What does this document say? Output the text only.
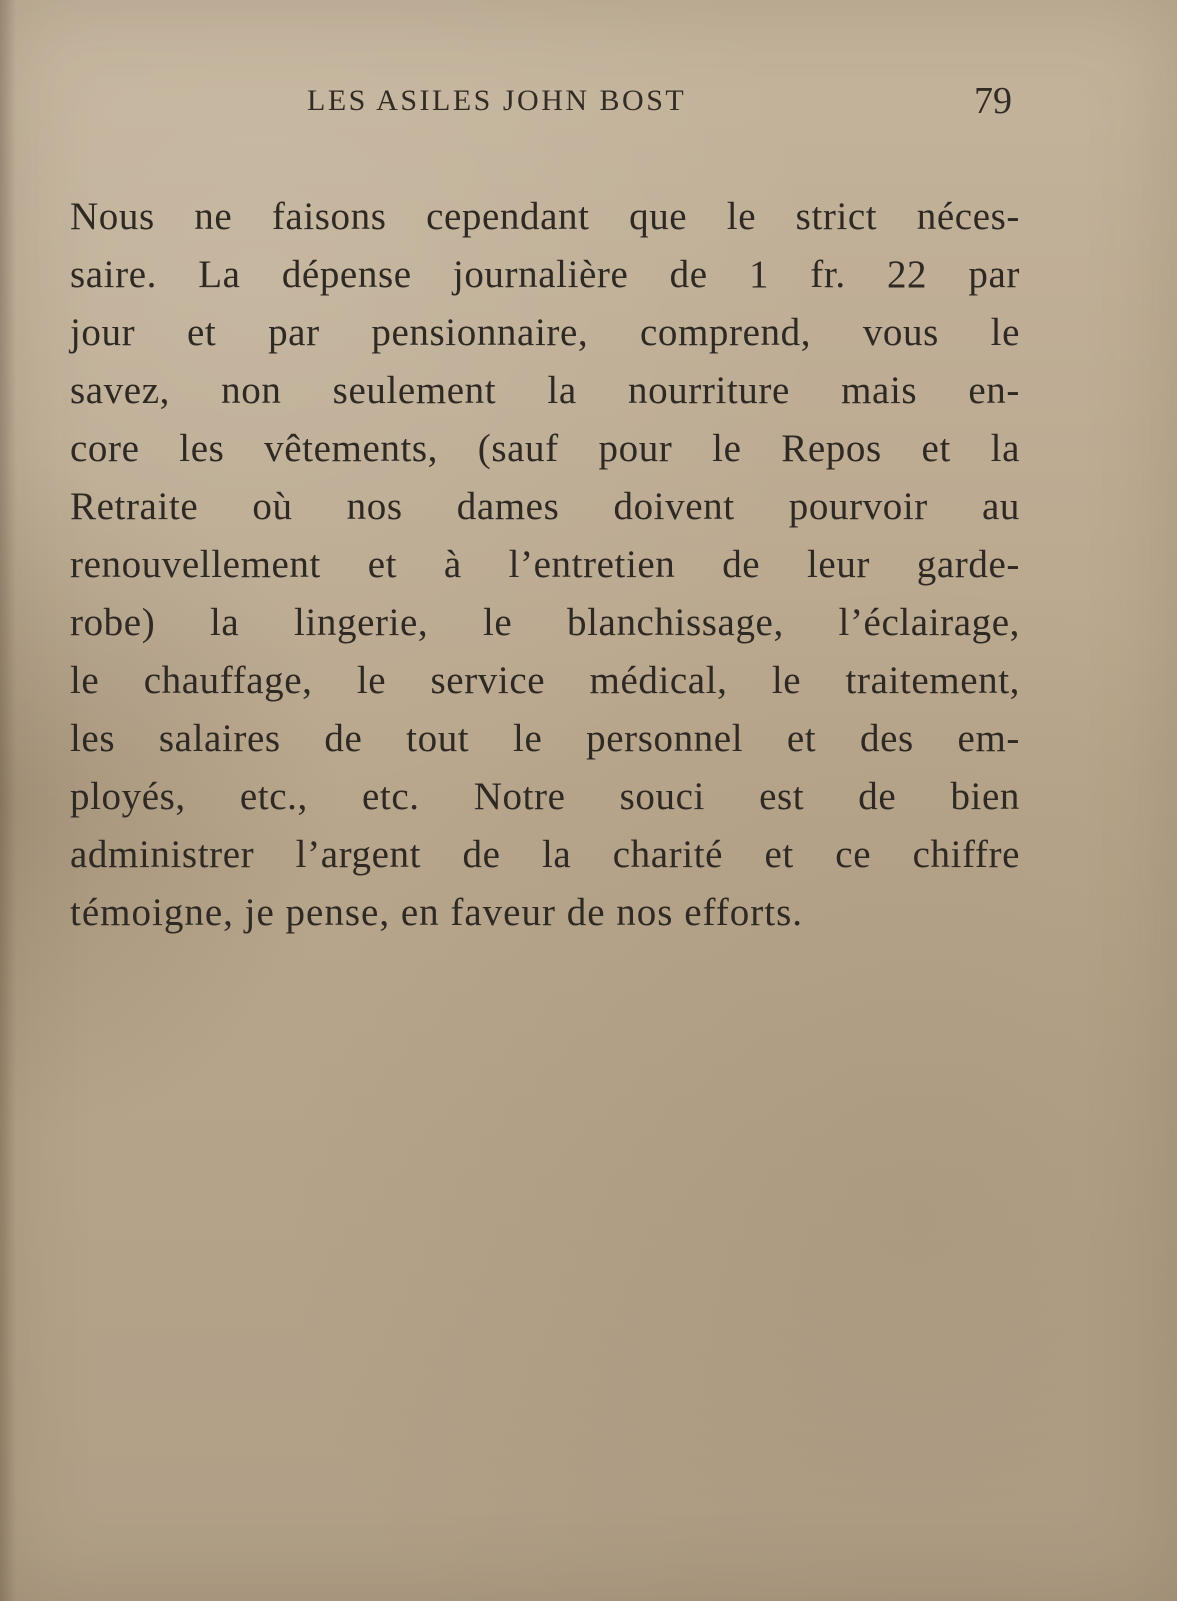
LES ASILES JOHN BOST	79
Nous ne faisons cependant que le strict néces-
saire. La dépense journalière de 1 fr. 22 par
jour et par pensionnaire, comprend, vous le
savez, non seulement la nourriture mais en-
core les vêtements, (sauf pour le Repos et la
Retraite où nos dames doivent pourvoir au
renouvellement et à l’entretien de leur garde-
robe) la lingerie, le blanchissage, l’éclairage,
le chauffage, le service médical, le traitement,
les salaires de tout le personnel et des em-
ployés, etc., etc. Notre souci est de bien
administrer l’argent de la charité et ce chiffre
témoigne, je pense, en faveur de nos efforts.
